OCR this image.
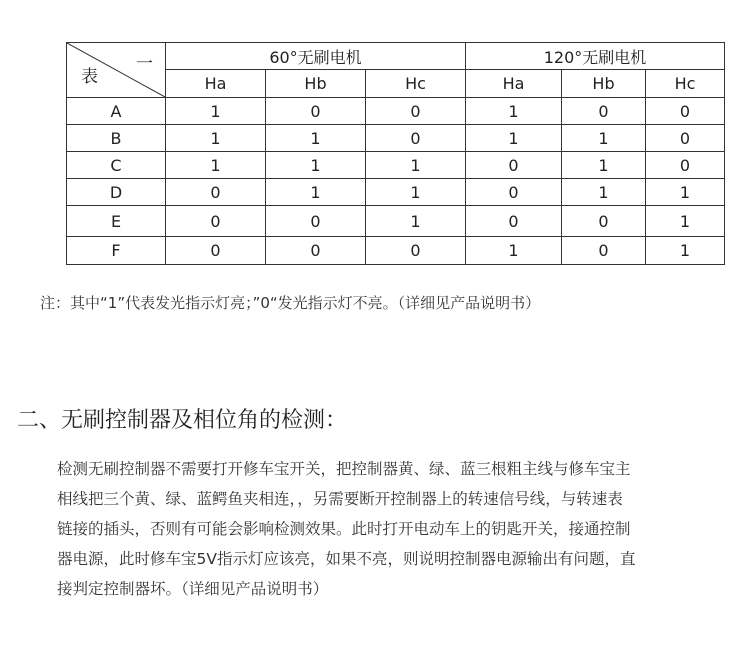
一
表	60°无刷电机			120°无刷电机		
	Ha	Hb	Hc	Ha	Hb	Hc
A	1	0	0	1	0	0
B	1	1	0	1	1	0
C	1	1	1	0	1	0
D	0	1	1	0	1	1
E	0	0	1	0	0	1
F	0	0	0	1	0	1
注：其中“1”代表发光指示灯亮；”0“发光指示灯不亮。（详细见产品说明书）
二、无刷控制器及相位角的检测：

检测无刷控制器不需要打开修车宝开关，把控制器黄、绿、蓝三根粗主线与修车宝主
相线把三个黄、绿、蓝鳄鱼夹相连，，另需要断开控制器上的转速信号线，与转速表
链接的插头，否则有可能会影响检测效果。此时打开电动车上的钥匙开关，接通控制
器电源，此时修车宝5V指示灯应该亮，如果不亮，则说明控制器电源输出有问题，直
接判定控制器坏。（详细见产品说明书）
